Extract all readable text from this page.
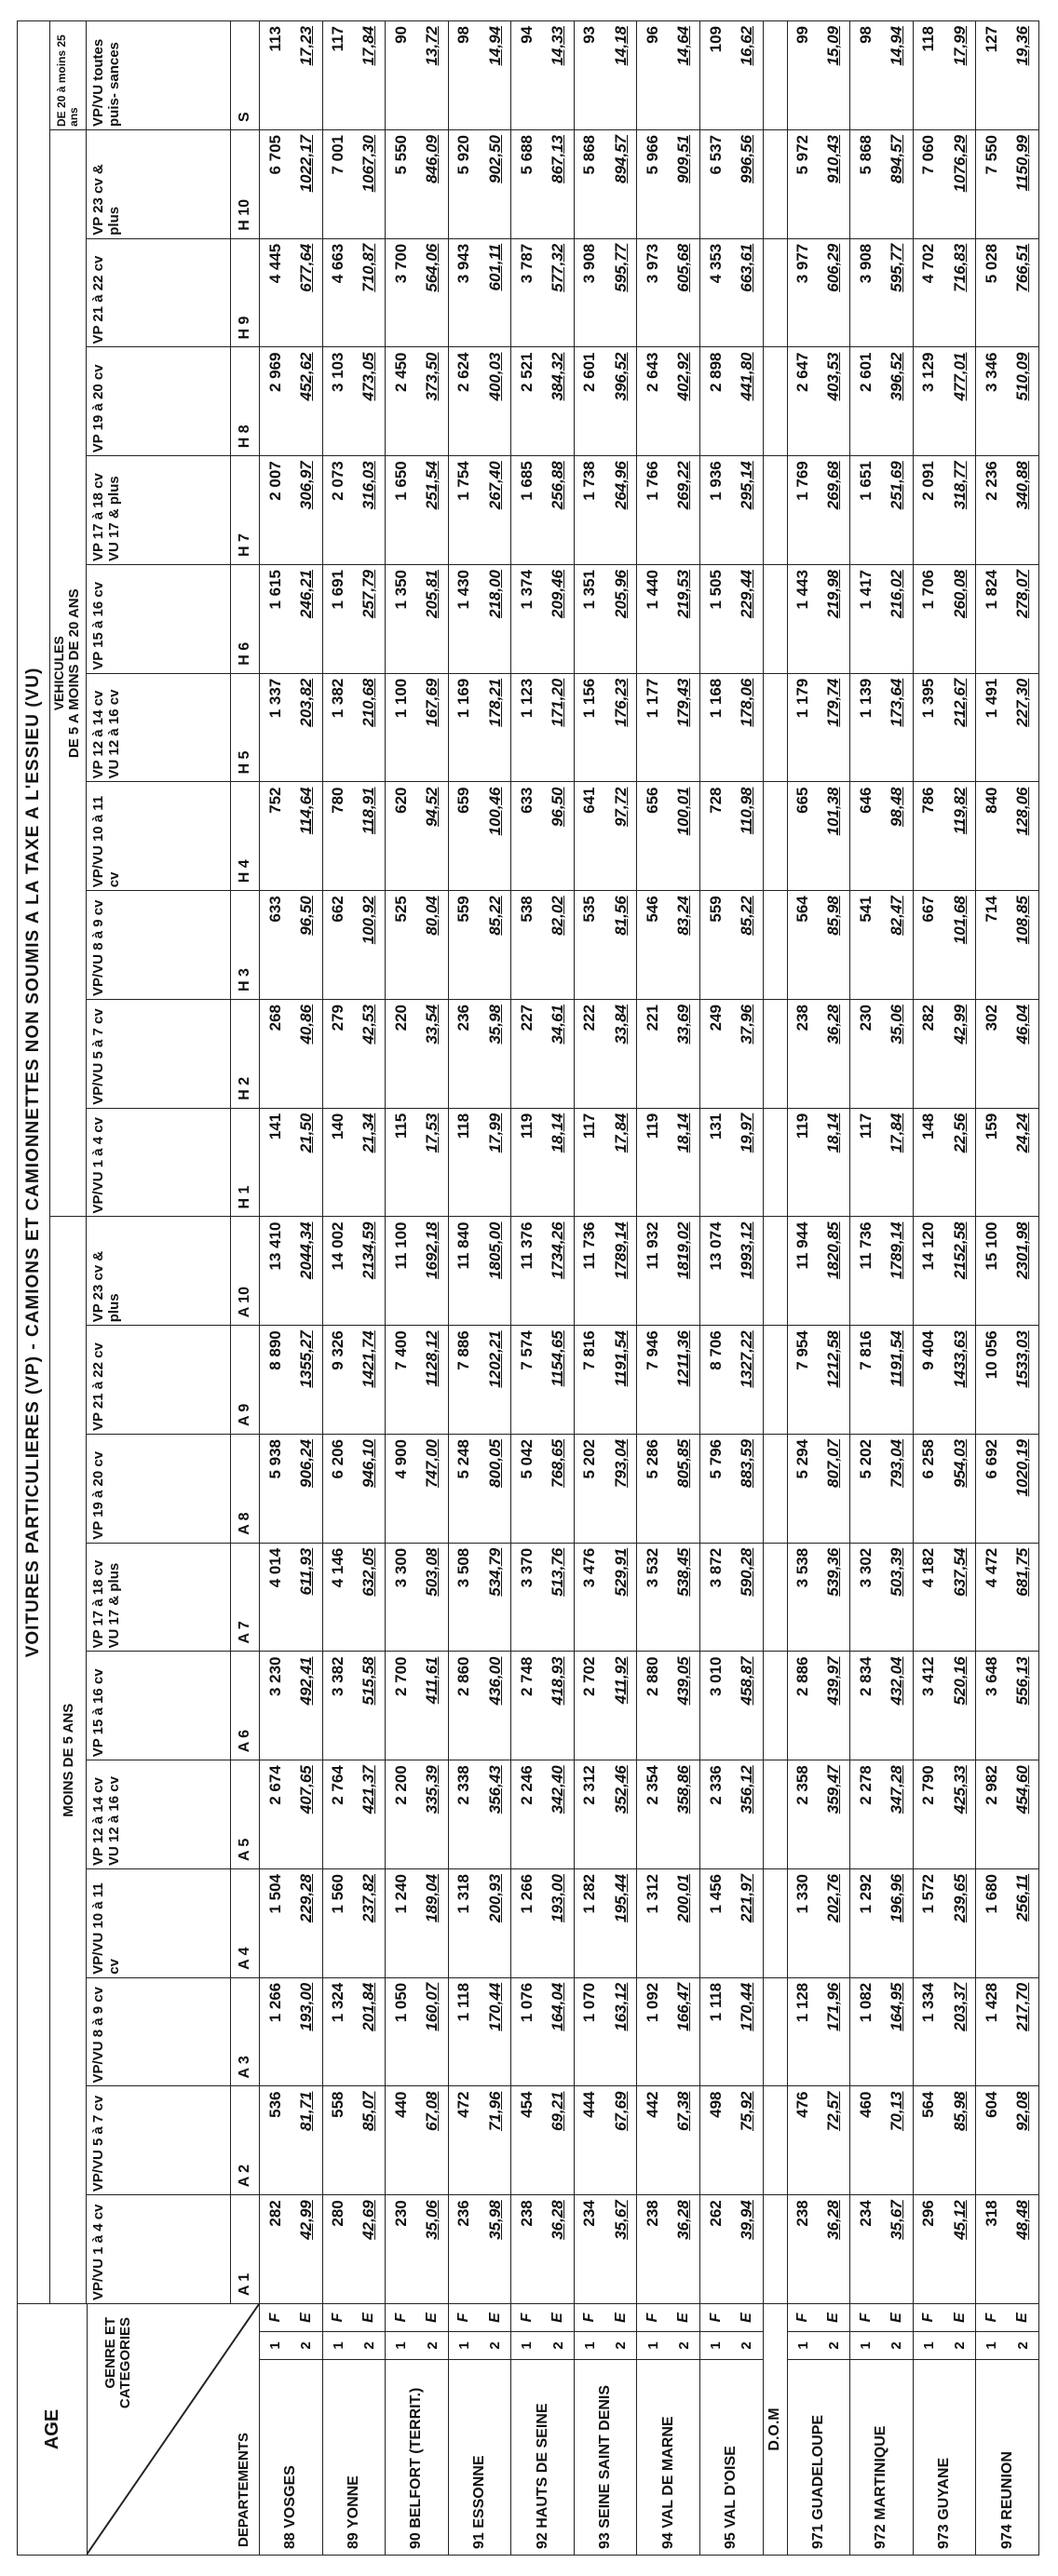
AGE
GENRE ET
CATEGORIES
DEPARTEMENTS			VOITURES PARTICULIERES (VP) - CAMIONS ET CAMIONNETTES NON SOUMIS A LA TAXE A L'ESSIEU (VU)																				
			MOINS DE 5 ANS										VEHICULES DE 5 A MOINS DE 20 ANS										DE 20 à moins 25 ans
			VP/VU 1 à 4 cv	VP/VU 5 à 7 cv	VP/VU 8 à 9 cv	VP/VU 10 à 11 cv	VP 12 à 14 cv VU 12 à 16 cv	VP 15 à 16 cv	VP 17 à 18 cv VU 17 & plus	VP 19 à 20 cv	VP 21 à 22 cv	VP 23 cv & plus	VP/VU 1 à 4 cv	VP/VU 5 à 7 cv	VP/VU 8 à 9 cv	VP/VU 10 à 11 cv	VP 12 à 14 cv VU 12 à 16 cv	VP 15 à 16 cv	VP 17 à 18 cv VU 17 & plus	VP 19 à 20 cv	VP 21 à 22 cv	VP 23 cv & plus	VP/VU toutes puis- sances
			A 1	A 2	A 3	A 4	A 5	A 6	A 7	A 8	A 9	A 10	H 1	H 2	H 3	H 4	H 5	H 6	H 7	H 8	H 9	H 10	S
88 VOSGES	1	F	282	536	1 266	1 504	2 674	3 230	4 014	5 938	8 890	13 410	141	268	633	752	1 337	1 615	2 007	2 969	4 445	6 705	113
	2	E	42,99	81,71	193,00	229,28	407,65	492,41	611,93	906,24	1355,27	2044,34	21,50	40,86	96,50	114,64	203,82	246,21	306,97	452,62	677,64	1022,17	17,23
89 YONNE	1	F	280	558	1 324	1 560	2 764	3 382	4 146	6 206	9 326	14 002	140	279	662	780	1 382	1 691	2 073	3 103	4 663	7 001	117
	2	E	42,69	85,07	201,84	237,82	421,37	515,58	632,05	946,10	1421,74	2134,59	21,34	42,53	100,92	118,91	210,68	257,79	316,03	473,05	710,87	1067,30	17,84
90 BELFORT (TERRIT.)	1	F	230	440	1 050	1 240	2 200	2 700	3 300	4 900	7 400	11 100	115	220	525	620	1 100	1 350	1 650	2 450	3 700	5 550	90
	2	E	35,06	67,08	160,07	189,04	335,39	411,61	503,08	747,00	1128,12	1692,18	17,53	33,54	80,04	94,52	167,69	205,81	251,54	373,50	564,06	846,09	13,72
91 ESSONNE	1	F	236	472	1 118	1 318	2 338	2 860	3 508	5 248	7 886	11 840	118	236	559	659	1 169	1 430	1 754	2 624	3 943	5 920	98
	2	E	35,98	71,96	170,44	200,93	356,43	436,00	534,79	800,05	1202,21	1805,00	17,99	35,98	85,22	100,46	178,21	218,00	267,40	400,03	601,11	902,50	14,94
92 HAUTS DE SEINE	1	F	238	454	1 076	1 266	2 246	2 748	3 370	5 042	7 574	11 376	119	227	538	633	1 123	1 374	1 685	2 521	3 787	5 688	94
	2	E	36,28	69,21	164,04	193,00	342,40	418,93	513,76	768,65	1154,65	1734,26	18,14	34,61	82,02	96,50	171,20	209,46	256,88	384,32	577,32	867,13	14,33
93 SEINE SAINT DENIS	1	F	234	444	1 070	1 282	2 312	2 702	3 476	5 202	7 816	11 736	117	222	535	641	1 156	1 351	1 738	2 601	3 908	5 868	93
	2	E	35,67	67,69	163,12	195,44	352,46	411,92	529,91	793,04	1191,54	1789,14	17,84	33,84	81,56	97,72	176,23	205,96	264,96	396,52	595,77	894,57	14,18
94 VAL DE MARNE	1	F	238	442	1 092	1 312	2 354	2 880	3 532	5 286	7 946	11 932	119	221	546	656	1 177	1 440	1 766	2 643	3 973	5 966	96
	2	E	36,28	67,38	166,47	200,01	358,86	439,05	538,45	805,85	1211,36	1819,02	18,14	33,69	83,24	100,01	179,43	219,53	269,22	402,92	605,68	909,51	14,64
95 VAL D'OISE	1	F	262	498	1 118	1 456	2 336	3 010	3 872	5 796	8 706	13 074	131	249	559	728	1 168	1 505	1 936	2 898	4 353	6 537	109
	2	E	39,94	75,92	170,44	221,97	356,12	458,87	590,28	883,59	1327,22	1993,12	19,97	37,96	85,22	110,98	178,06	229,44	295,14	441,80	663,61	996,56	16,62
D.O.M																							
971 GUADELOUPE	1	F	238	476	1 128	1 330	2 358	2 886	3 538	5 294	7 954	11 944	119	238	564	665	1 179	1 443	1 769	2 647	3 977	5 972	99
	2	E	36,28	72,57	171,96	202,76	359,47	439,97	539,36	807,07	1212,58	1820,85	18,14	36,28	85,98	101,38	179,74	219,98	269,68	403,53	606,29	910,43	15,09
972 MARTINIQUE	1	F	234	460	1 082	1 292	2 278	2 834	3 302	5 202	7 816	11 736	117	230	541	646	1 139	1 417	1 651	2 601	3 908	5 868	98
	2	E	35,67	70,13	164,95	196,96	347,28	432,04	503,39	793,04	1191,54	1789,14	17,84	35,06	82,47	98,48	173,64	216,02	251,69	396,52	595,77	894,57	14,94
973 GUYANE	1	F	296	564	1 334	1 572	2 790	3 412	4 182	6 258	9 404	14 120	148	282	667	786	1 395	1 706	2 091	3 129	4 702	7 060	118
	2	E	45,12	85,98	203,37	239,65	425,33	520,16	637,54	954,03	1433,63	2152,58	22,56	42,99	101,68	119,82	212,67	260,08	318,77	477,01	716,83	1076,29	17,99
974 REUNION	1	F	318	604	1 428	1 680	2 982	3 648	4 472	6 692	10 056	15 100	159	302	714	840	1 491	1 824	2 236	3 346	5 028	7 550	127
	2	E	48,48	92,08	217,70	256,11	454,60	556,13	681,75	1020,19	1533,03	2301,98	24,24	46,04	108,85	128,06	227,30	278,07	340,88	510,09	766,51	1150,99	19,36
